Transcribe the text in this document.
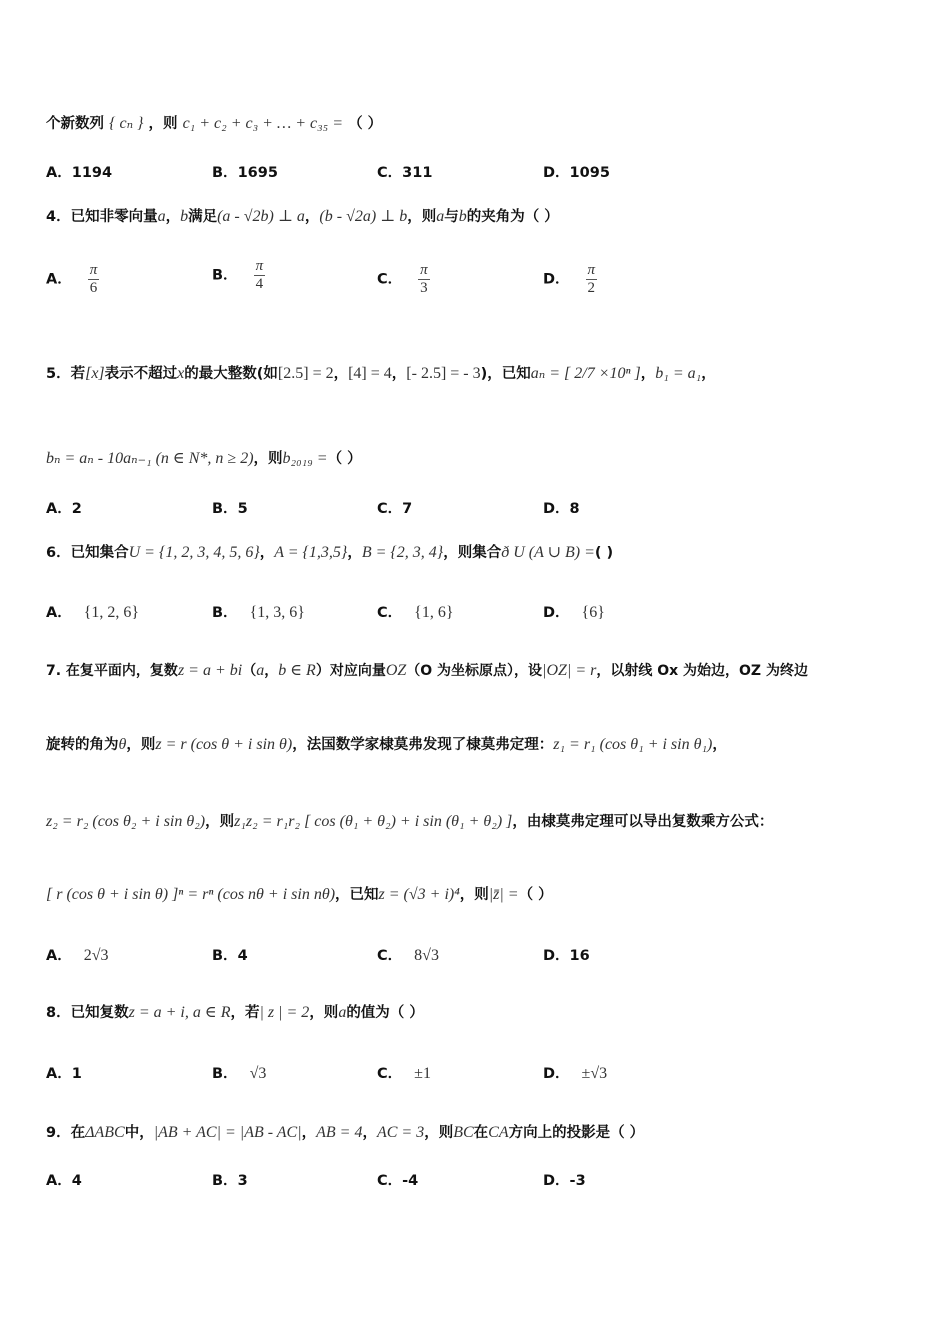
个新数列 { cₙ } ，则 c₁ + c₂ + c₃ + … + c₃₅ = （ ）
A．1194	B．1695	C．311	D．1095
4．已知非零向量a，b满足(a - √2b) ⊥ a，(b - √2a) ⊥ b，则a与b的夹角为（ ）
A． $\frac{\pi}{6}$	B． $\frac{\pi}{4}$	C． $\frac{\pi}{3}$	D． $\frac{\pi}{2}$
5．若[x]表示不超过x的最大整数(如[2.5] = 2，[4] = 4，[- 2.5] = - 3)，已知aₙ = [ 2/7 ×10ⁿ ]，b₁ = a₁，
bₙ = aₙ - 10aₙ₋₁ (n ∈ N*, n ≥ 2)，则b₂₀₁₉ =（ ）
A．2	B．5	C．7	D．8
6．已知集合U = {1, 2, 3, 4, 5, 6}，A = {1,3,5}，B = {2, 3, 4}，则集合ð U (A ∪ B) =( )
A． {1, 2, 6}	B． {1, 3, 6}	C． {1, 6}	D． {6}
7. 在复平面内，复数z = a + bi（a，b ∈ R）对应向量OZ（O 为坐标原点），设|OZ| = r，以射线 Ox 为始边，OZ 为终边
旋转的角为θ，则z = r (cos θ + i sin θ)，法国数学家棣莫弗发现了棣莫弗定理：z₁ = r₁ (cos θ₁ + i sin θ₁)，
z₂ = r₂ (cos θ₂ + i sin θ₂)，则z₁z₂ = r₁r₂ [ cos (θ₁ + θ₂) + i sin (θ₁ + θ₂) ]，由棣莫弗定理可以导出复数乘方公式：
[ r (cos θ + i sin θ) ]ⁿ = rⁿ (cos nθ + i sin nθ)，已知z = (√3 + i)⁴，则|z̄| =（ ）
A． 2√3	B．4	C． 8√3	D．16
8．已知复数z = a + i, a ∈ R，若| z | = 2，则a的值为（ ）
A．1	B． √3	C． ±1	D． ±√3
9．在ΔABC中，|AB + AC| = |AB - AC|，AB = 4，AC = 3，则BC在CA方向上的投影是（ ）
A．4	B．3	C．-4	D．-3
